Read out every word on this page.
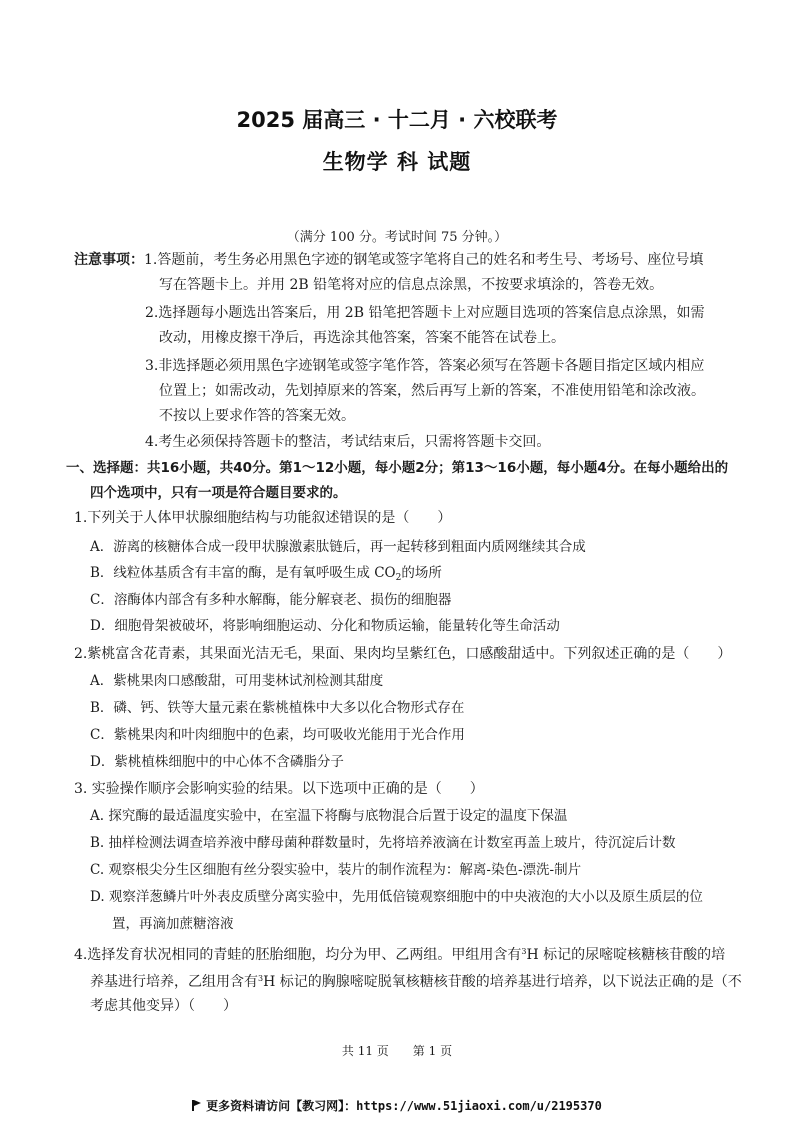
2025 届高三 · 十二月 · 六校联考
生物学 科 试题
（满分 100 分。考试时间 75 分钟。）
注意事项：1.答题前，考生务必用黑色字迹的钢笔或签字笔将自己的姓名和考生号、考场号、座位号填
写在答题卡上。并用 2B 铅笔将对应的信息点涂黑，不按要求填涂的，答卷无效。
2.选择题每小题选出答案后，用 2B 铅笔把答题卡上对应题目选项的答案信息点涂黑，如需
改动，用橡皮擦干净后，再选涂其他答案，答案不能答在试卷上。
3.非选择题必须用黑色字迹钢笔或签字笔作答，答案必须写在答题卡各题目指定区域内相应
位置上；如需改动，先划掉原来的答案，然后再写上新的答案，不准使用铅笔和涂改液。
不按以上要求作答的答案无效。
4.考生必须保持答题卡的整洁，考试结束后，只需将答题卡交回。
一、选择题：共16小题，共40分。第1～12小题，每小题2分；第13～16小题，每小题4分。在每小题给出的
四个选项中，只有一项是符合题目要求的。
1.下列关于人体甲状腺细胞结构与功能叙述错误的是（　　）
A．游离的核糖体合成一段甲状腺激素肽链后，再一起转移到粗面内质网继续其合成
B．线粒体基质含有丰富的酶，是有氧呼吸生成 $CO_2$的场所
C．溶酶体内部含有多种水解酶，能分解衰老、损伤的细胞器
D．细胞骨架被破坏，将影响细胞运动、分化和物质运输，能量转化等生命活动
2.紫桃富含花青素，其果面光洁无毛，果面、果肉均呈紫红色，口感酸甜适中。下列叙述正确的是（　　）
A．紫桃果肉口感酸甜，可用斐林试剂检测其甜度
B．磷、钙、铁等大量元素在紫桃植株中大多以化合物形式存在
C．紫桃果肉和叶肉细胞中的色素，均可吸收光能用于光合作用
D．紫桃植株细胞中的中心体不含磷脂分子
3. 实验操作顺序会影响实验的结果。以下选项中正确的是（　　）
A. 探究酶的最适温度实验中，在室温下将酶与底物混合后置于设定的温度下保温
B. 抽样检测法调查培养液中酵母菌种群数量时，先将培养液滴在计数室再盖上玻片，待沉淀后计数
C. 观察根尖分生区细胞有丝分裂实验中，装片的制作流程为：解离-染色-漂洗-制片
D. 观察洋葱鳞片叶外表皮质壁分离实验中，先用低倍镜观察细胞中的中央液泡的大小以及原生质层的位
置，再滴加蔗糖溶液
4.选择发育状况相同的青蛙的胚胎细胞，均分为甲、乙两组。甲组用含有$^3$H 标记的尿嘧啶核糖核苷酸的培
养基进行培养，乙组用含有$^3$H 标记的胸腺嘧啶脱氧核糖核苷酸的培养基进行培养，以下说法正确的是（不
考虑其他变异）（　　）
共 11 页　　第 1 页
更多资料请访问【教习网】：https://www.51jiaoxi.com/u/2195370
